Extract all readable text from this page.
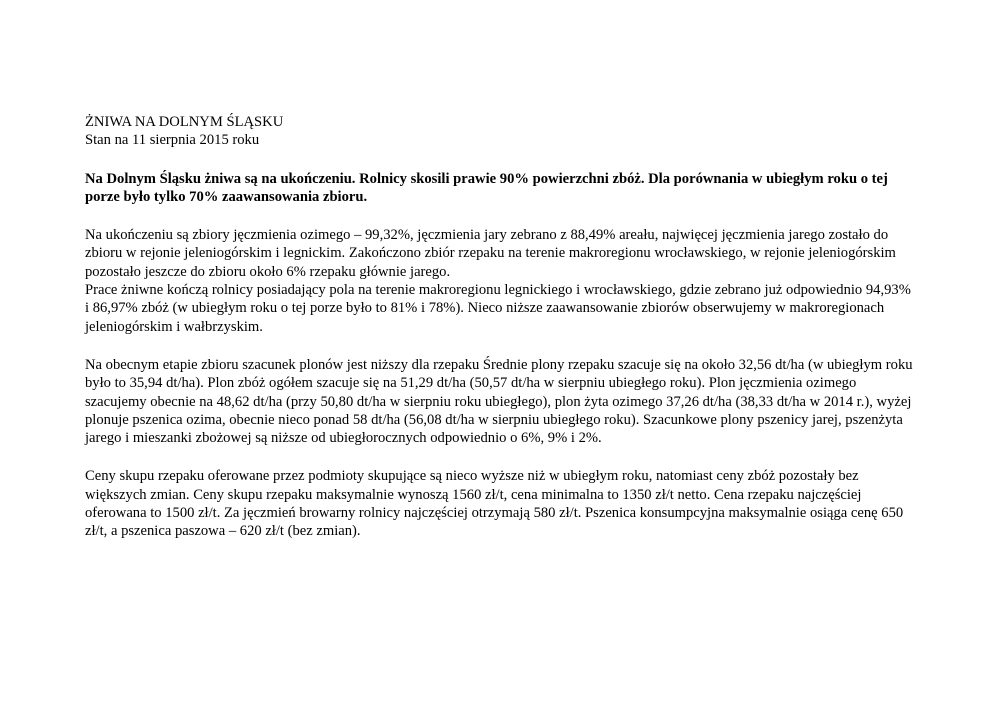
ŻNIWA NA DOLNYM ŚLĄSKU

Stan na 11 sierpnia 2015 roku

Na Dolnym Śląsku żniwa są na ukończeniu. Rolnicy skosili prawie 90% powierzchni zbóż. Dla porównania w ubiegłym roku o tej porze było tylko 70% zaawansowania zbioru.

Na ukończeniu są zbiory jęczmienia ozimego – 99,32%, jęczmienia jary zebrano z 88,49% areału, najwięcej jęczmienia jarego zostało do zbioru w rejonie jeleniogórskim i legnickim. Zakończono zbiór rzepaku na terenie makroregionu wrocławskiego, w rejonie jeleniogórskim pozostało jeszcze do zbioru około 6% rzepaku głównie jarego.

Prace żniwne kończą rolnicy posiadający pola na terenie makroregionu legnickiego i wrocławskiego, gdzie zebrano już odpowiednio 94,93% i 86,97% zbóż (w ubiegłym roku o tej porze było to 81% i 78%). Nieco niższe zaawansowanie zbiorów obserwujemy w makroregionach jeleniogórskim i wałbrzyskim.

Na obecnym etapie zbioru szacunek plonów jest niższy dla rzepaku Średnie plony rzepaku szacuje się na około 32,56 dt/ha (w ubiegłym roku było to 35,94 dt/ha). Plon zbóż ogółem szacuje się na 51,29 dt/ha (50,57 dt/ha w sierpniu ubiegłego roku). Plon jęczmienia ozimego szacujemy obecnie na 48,62 dt/ha (przy 50,80 dt/ha w sierpniu roku ubiegłego), plon żyta ozimego 37,26 dt/ha (38,33 dt/ha w 2014 r.), wyżej plonuje pszenica ozima, obecnie nieco ponad 58 dt/ha (56,08 dt/ha w sierpniu ubiegłego roku). Szacunkowe plony pszenicy jarej, pszenżyta jarego i mieszanki zbożowej są niższe od ubiegłorocznych odpowiednio o 6%, 9% i 2%.

Ceny skupu rzepaku oferowane przez podmioty skupujące są nieco wyższe niż w ubiegłym roku, natomiast ceny zbóż pozostały bez większych zmian. Ceny skupu rzepaku maksymalnie wynoszą 1560 zł/t, cena minimalna to 1350 zł/t netto. Cena rzepaku najczęściej oferowana to 1500 zł/t. Za jęczmień browarny rolnicy najczęściej otrzymają 580 zł/t. Pszenica konsumpcyjna maksymalnie osiąga cenę 650 zł/t, a pszenica paszowa – 620 zł/t (bez zmian).
